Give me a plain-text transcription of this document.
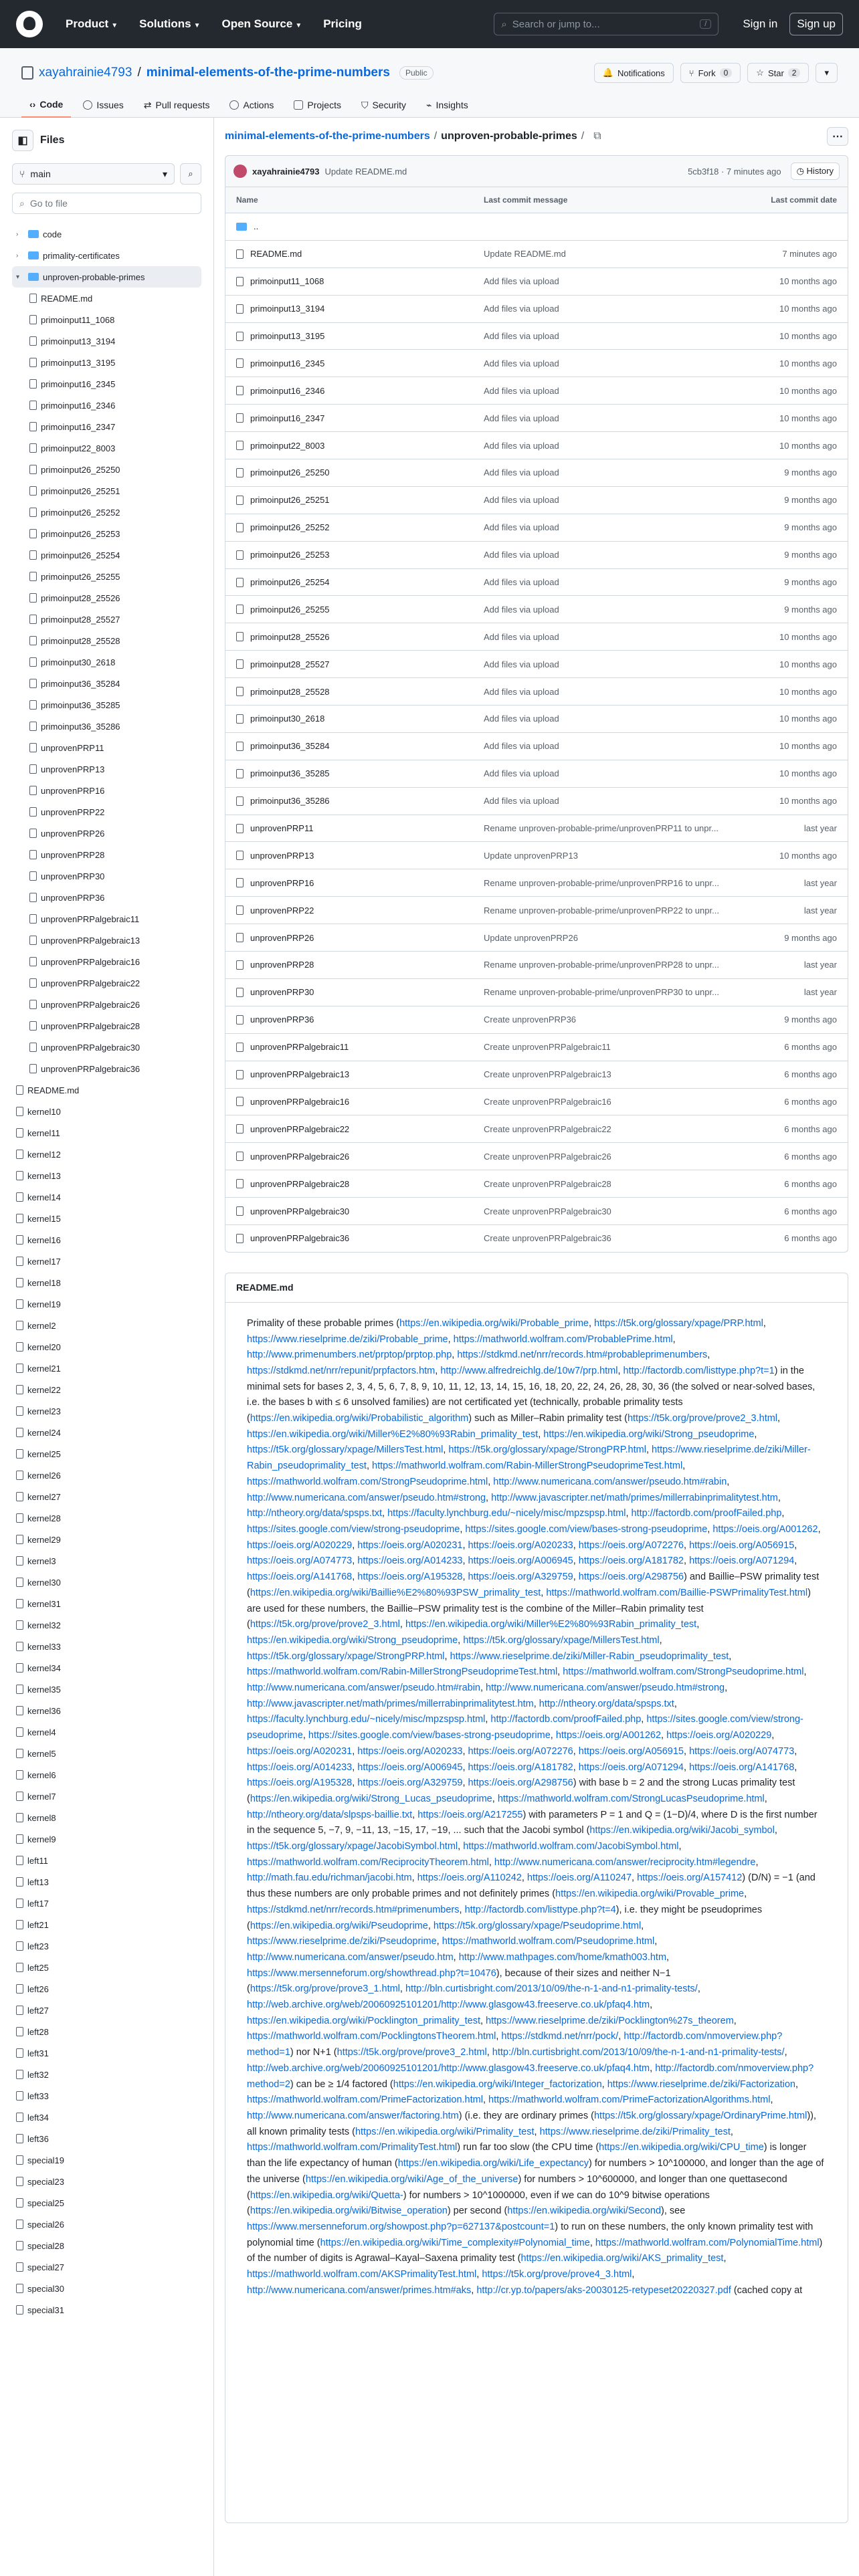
Product ▼ Solutions ▼ Open Source ▼ Pricing	⌕ Search or jump to...	/	Sign in	Sign up
xayahrainie4793 / minimal-elements-of-the-prime-numbers	Public	🔔 Notifications	⑂ Fork	0	☆ Star	2	▾
‹› Code	Issues ⇄ Pull requests	Actions	Projects ⛉ Security ⌁ Insights
◧	Files
⑂ main	▾ ⌕
⌕ Go to file
›	code
›	primality-certificates
▾	unproven-probable-primes
README.md
primoinput11_1068
primoinput13_3194
primoinput13_3195
primoinput16_2345
primoinput16_2346
primoinput16_2347
primoinput22_8003
primoinput26_25250
primoinput26_25251
primoinput26_25252
primoinput26_25253
primoinput26_25254
primoinput26_25255
primoinput28_25526
primoinput28_25527
primoinput28_25528
primoinput30_2618
primoinput36_35284
primoinput36_35285
primoinput36_35286
unprovenPRP11
unprovenPRP13
unprovenPRP16
unprovenPRP22
unprovenPRP26
unprovenPRP28
unprovenPRP30
unprovenPRP36
unprovenPRPalgebraic11
unprovenPRPalgebraic13
unprovenPRPalgebraic16
unprovenPRPalgebraic22
unprovenPRPalgebraic26
unprovenPRPalgebraic28
unprovenPRPalgebraic30
unprovenPRPalgebraic36
README.md
kernel10
kernel11
kernel12
kernel13
kernel14
kernel15
kernel16
kernel17
kernel18
kernel19
kernel2
kernel20
kernel21
kernel22
kernel23
kernel24
kernel25
kernel26
kernel27
kernel28
kernel29
kernel3
kernel30
kernel31
kernel32
kernel33
kernel34
kernel35
kernel36
kernel4
kernel5
kernel6
kernel7
kernel8
kernel9
left11
left13
left17
left21
left23
left25
left26
left27
left28
left31
left32
left33
left34
left36
special19
special23
special25
special26
special28
special27
special30
special31
minimal-elements-of-the-prime-numbers / unproven-probable-primes / ⧉	⋯
xayahrainie4793 Update README.md	5cb3f18 · 7 minutes ago	◷ History
Name	Last commit message	Last commit date
..
README.md	Update README.md	7 minutes ago
primoinput11_1068	Add files via upload	10 months ago
primoinput13_3194	Add files via upload	10 months ago
primoinput13_3195	Add files via upload	10 months ago
primoinput16_2345	Add files via upload	10 months ago
primoinput16_2346	Add files via upload	10 months ago
primoinput16_2347	Add files via upload	10 months ago
primoinput22_8003	Add files via upload	10 months ago
primoinput26_25250	Add files via upload	9 months ago
primoinput26_25251	Add files via upload	9 months ago
primoinput26_25252	Add files via upload	9 months ago
primoinput26_25253	Add files via upload	9 months ago
primoinput26_25254	Add files via upload	9 months ago
primoinput26_25255	Add files via upload	9 months ago
primoinput28_25526	Add files via upload	10 months ago
primoinput28_25527	Add files via upload	10 months ago
primoinput28_25528	Add files via upload	10 months ago
primoinput30_2618	Add files via upload	10 months ago
primoinput36_35284	Add files via upload	10 months ago
primoinput36_35285	Add files via upload	10 months ago
primoinput36_35286	Add files via upload	10 months ago
unprovenPRP11	Rename unproven-probable-prime/unprovenPRP11 to unpr...	last year
unprovenPRP13	Update unprovenPRP13	10 months ago
unprovenPRP16	Rename unproven-probable-prime/unprovenPRP16 to unpr...	last year
unprovenPRP22	Rename unproven-probable-prime/unprovenPRP22 to unpr...	last year
unprovenPRP26	Update unprovenPRP26	9 months ago
unprovenPRP28	Rename unproven-probable-prime/unprovenPRP28 to unpr...	last year
unprovenPRP30	Rename unproven-probable-prime/unprovenPRP30 to unpr...	last year
unprovenPRP36	Create unprovenPRP36	9 months ago
unprovenPRPalgebraic11	Create unprovenPRPalgebraic11	6 months ago
unprovenPRPalgebraic13	Create unprovenPRPalgebraic13	6 months ago
unprovenPRPalgebraic16	Create unprovenPRPalgebraic16	6 months ago
unprovenPRPalgebraic22	Create unprovenPRPalgebraic22	6 months ago
unprovenPRPalgebraic26	Create unprovenPRPalgebraic26	6 months ago
unprovenPRPalgebraic28	Create unprovenPRPalgebraic28	6 months ago
unprovenPRPalgebraic30	Create unprovenPRPalgebraic30	6 months ago
unprovenPRPalgebraic36	Create unprovenPRPalgebraic36	6 months ago
README.md

Primality of these probable primes (https://en.wikipedia.org/wiki/Probable_prime, https://t5k.org/glossary/xpage/PRP.html, https://www.rieselprime.de/ziki/Probable_prime, https://mathworld.wolfram.com/ProbablePrime.html, http://www.primenumbers.net/prptop/prptop.php, https://stdkmd.net/nrr/records.htm#probableprimenumbers, https://stdkmd.net/nrr/repunit/prpfactors.htm, http://www.alfredreichlg.de/10w7/prp.html, http://factordb.com/listtype.php?t=1) in the minimal sets for bases 2, 3, 4, 5, 6, 7, 8, 9, 10, 11, 12, 13, 14, 15, 16, 18, 20, 22, 24, 26, 28, 30, 36 (the solved or near-solved bases, i.e. the bases b with ≤ 6 unsolved families) are not certificated yet (technically, probable primality tests (https://en.wikipedia.org/wiki/Probabilistic_algorithm) such as Miller–Rabin primality test (https://t5k.org/prove/prove2_3.html, https://en.wikipedia.org/wiki/Miller%E2%80%93Rabin_primality_test, https://en.wikipedia.org/wiki/Strong_pseudoprime, https://t5k.org/glossary/xpage/MillersTest.html, https://t5k.org/glossary/xpage/StrongPRP.html, https://www.rieselprime.de/ziki/Miller-Rabin_pseudoprimality_test, https://mathworld.wolfram.com/Rabin-MillerStrongPseudoprimeTest.html, https://mathworld.wolfram.com/StrongPseudoprime.html, http://www.numericana.com/answer/pseudo.htm#rabin, http://www.numericana.com/answer/pseudo.htm#strong, http://www.javascripter.net/math/primes/millerrabinprimalitytest.htm, http://ntheory.org/data/spsps.txt, https://faculty.lynchburg.edu/~nicely/misc/mpzspsp.html, http://factordb.com/proofFailed.php, https://sites.google.com/view/strong-pseudoprime, https://sites.google.com/view/bases-strong-pseudoprime, https://oeis.org/A001262, https://oeis.org/A020229, https://oeis.org/A020231, https://oeis.org/A020233, https://oeis.org/A072276, https://oeis.org/A056915, https://oeis.org/A074773, https://oeis.org/A014233, https://oeis.org/A006945, https://oeis.org/A181782, https://oeis.org/A071294, https://oeis.org/A141768, https://oeis.org/A195328, https://oeis.org/A329759, https://oeis.org/A298756) and Baillie–PSW primality test (https://en.wikipedia.org/wiki/Baillie%E2%80%93PSW_primality_test, https://mathworld.wolfram.com/Baillie-PSWPrimalityTest.html) are used for these numbers, the Baillie–PSW primality test is the combine of the Miller–Rabin primality test (https://t5k.org/prove/prove2_3.html, https://en.wikipedia.org/wiki/Miller%E2%80%93Rabin_primality_test, https://en.wikipedia.org/wiki/Strong_pseudoprime, https://t5k.org/glossary/xpage/MillersTest.html, https://t5k.org/glossary/xpage/StrongPRP.html, https://www.rieselprime.de/ziki/Miller-Rabin_pseudoprimality_test, https://mathworld.wolfram.com/Rabin-MillerStrongPseudoprimeTest.html, https://mathworld.wolfram.com/StrongPseudoprime.html, http://www.numericana.com/answer/pseudo.htm#rabin, http://www.numericana.com/answer/pseudo.htm#strong, http://www.javascripter.net/math/primes/millerrabinprimalitytest.htm, http://ntheory.org/data/spsps.txt, https://faculty.lynchburg.edu/~nicely/misc/mpzspsp.html, http://factordb.com/proofFailed.php, https://sites.google.com/view/strong-pseudoprime, https://sites.google.com/view/bases-strong-pseudoprime, https://oeis.org/A001262, https://oeis.org/A020229, https://oeis.org/A020231, https://oeis.org/A020233, https://oeis.org/A072276, https://oeis.org/A056915, https://oeis.org/A074773, https://oeis.org/A014233, https://oeis.org/A006945, https://oeis.org/A181782, https://oeis.org/A071294, https://oeis.org/A141768, https://oeis.org/A195328, https://oeis.org/A329759, https://oeis.org/A298756) with base b = 2 and the strong Lucas primality test (https://en.wikipedia.org/wiki/Strong_Lucas_pseudoprime, https://mathworld.wolfram.com/StrongLucasPseudoprime.html, http://ntheory.org/data/slpsps-baillie.txt, https://oeis.org/A217255) with parameters P = 1 and Q = (1−D)/4, where D is the first number in the sequence 5, −7, 9, −11, 13, −15, 17, −19, ... such that the Jacobi symbol (https://en.wikipedia.org/wiki/Jacobi_symbol, https://t5k.org/glossary/xpage/JacobiSymbol.html, https://mathworld.wolfram.com/JacobiSymbol.html, https://mathworld.wolfram.com/ReciprocityTheorem.html, http://www.numericana.com/answer/reciprocity.htm#legendre, http://math.fau.edu/richman/jacobi.htm, https://oeis.org/A110242, https://oeis.org/A110247, https://oeis.org/A157412) (D/N) = −1 (and thus these numbers are only probable primes and not definitely primes (https://en.wikipedia.org/wiki/Provable_prime, https://stdkmd.net/nrr/records.htm#primenumbers, http://factordb.com/listtype.php?t=4), i.e. they might be pseudoprimes (https://en.wikipedia.org/wiki/Pseudoprime, https://t5k.org/glossary/xpage/Pseudoprime.html, https://www.rieselprime.de/ziki/Pseudoprime, https://mathworld.wolfram.com/Pseudoprime.html, http://www.numericana.com/answer/pseudo.htm, http://www.mathpages.com/home/kmath003.htm, https://www.mersenneforum.org/showthread.php?t=10476), because of their sizes and neither N−1 (https://t5k.org/prove/prove3_1.html, http://bln.curtisbright.com/2013/10/09/the-n-1-and-n1-primality-tests/, http://web.archive.org/web/20060925101201/http://www.glasgow43.freeserve.co.uk/pfaq4.htm, https://en.wikipedia.org/wiki/Pocklington_primality_test, https://www.rieselprime.de/ziki/Pocklington%27s_theorem, https://mathworld.wolfram.com/PocklingtonsTheorem.html, https://stdkmd.net/nrr/pock/, http://factordb.com/nmoverview.php?method=1) nor N+1 (https://t5k.org/prove/prove3_2.html, http://bln.curtisbright.com/2013/10/09/the-n-1-and-n1-primality-tests/, http://web.archive.org/web/20060925101201/http://www.glasgow43.freeserve.co.uk/pfaq4.htm, http://factordb.com/nmoverview.php?method=2) can be ≥ 1/4 factored (https://en.wikipedia.org/wiki/Integer_factorization, https://www.rieselprime.de/ziki/Factorization, https://mathworld.wolfram.com/PrimeFactorization.html, https://mathworld.wolfram.com/PrimeFactorizationAlgorithms.html, http://www.numericana.com/answer/factoring.htm) (i.e. they are ordinary primes (https://t5k.org/glossary/xpage/OrdinaryPrime.html)), all known primality tests (https://en.wikipedia.org/wiki/Primality_test, https://www.rieselprime.de/ziki/Primality_test, https://mathworld.wolfram.com/PrimalityTest.html) run far too slow (the CPU time (https://en.wikipedia.org/wiki/CPU_time) is longer than the life expectancy of human (https://en.wikipedia.org/wiki/Life_expectancy) for numbers > 10^100000, and longer than the age of the universe (https://en.wikipedia.org/wiki/Age_of_the_universe) for numbers > 10^600000, and longer than one quettasecond (https://en.wikipedia.org/wiki/Quetta-) for numbers > 10^1000000, even if we can do 10^9 bitwise operations (https://en.wikipedia.org/wiki/Bitwise_operation) per second (https://en.wikipedia.org/wiki/Second), see https://www.mersenneforum.org/showpost.php?p=627137&postcount=1) to run on these numbers, the only known primality test with polynomial time (https://en.wikipedia.org/wiki/Time_complexity#Polynomial_time, https://mathworld.wolfram.com/PolynomialTime.html) of the number of digits is Agrawal–Kayal–Saxena primality test (https://en.wikipedia.org/wiki/AKS_primality_test, https://mathworld.wolfram.com/AKSPrimalityTest.html, https://t5k.org/prove/prove4_3.html, http://www.numericana.com/answer/primes.htm#aks, http://cr.yp.to/papers/aks-20030125-retypeset20220327.pdf (cached copy at
